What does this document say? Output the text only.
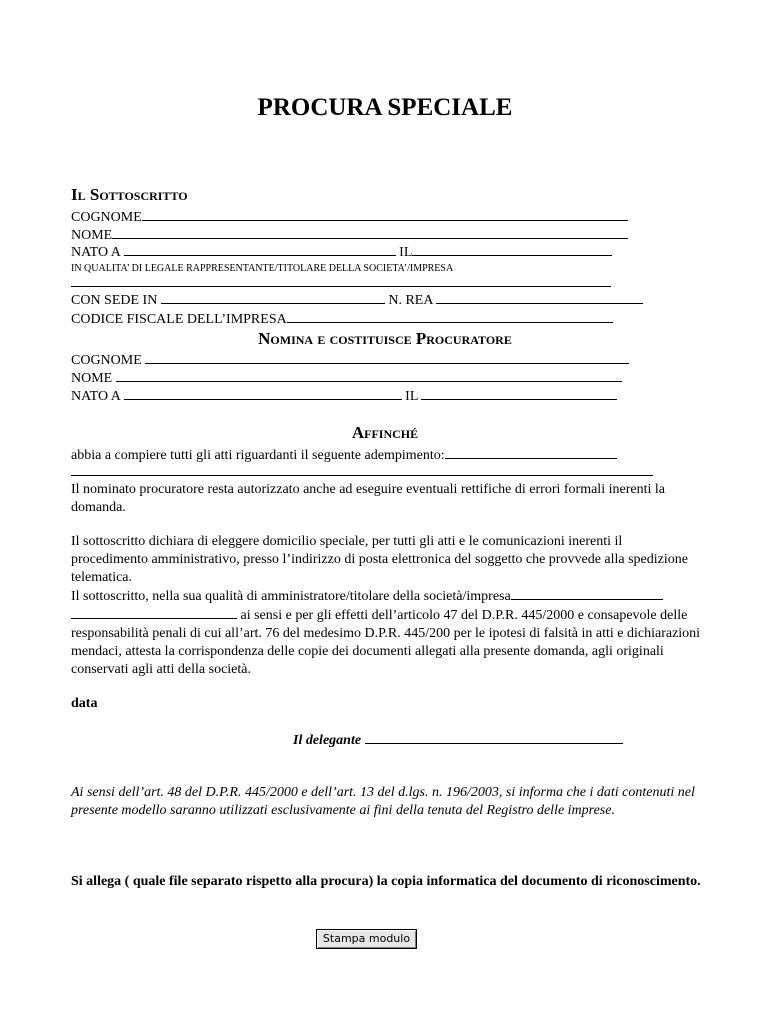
PROCURA SPECIALE
Il Sottoscritto
COGNOME
NOME
NATO A	IL
IN QUALITA’ DI LEGALE RAPPRESENTANTE/TITOLARE DELLA SOCIETA’/IMPRESA
CON SEDE IN	N. REA
CODICE FISCALE DELL’IMPRESA
Nomina e costituisce Procuratore
COGNOME
NOME
NATO A	IL
Affinché
abbia a compiere tutti gli atti riguardanti il seguente adempimento:
Il nominato procuratore resta autorizzato anche ad eseguire eventuali rettifiche di errori formali inerenti la domanda.
Il sottoscritto dichiara di eleggere domicilio speciale, per tutti gli atti e le comunicazioni inerenti il procedimento amministrativo, presso l’indirizzo di posta elettronica del soggetto che provvede alla spedizione telematica.
Il sottoscritto, nella sua qualità di amministratore/titolare della società/impresa
ai sensi e per gli effetti dell’articolo 47 del D.P.R. 445/2000 e consapevole delle responsabilità penali di cui all’art. 76 del medesimo D.P.R. 445/200 per le ipotesi di falsità in atti e dichiarazioni mendaci, attesta la corrispondenza delle copie dei documenti allegati alla presente domanda, agli originali conservati agli atti della società.
data
Il delegante
Ai sensi dell’art. 48 del D.P.R. 445/2000 e dell’art. 13 del d.lgs. n. 196/2003, si informa che i dati contenuti nel presente modello saranno utilizzati esclusivamente ai fini della tenuta del Registro delle imprese.
Si allega ( quale file separato rispetto alla procura) la copia informatica del documento di riconoscimento.
Stampa modulo
